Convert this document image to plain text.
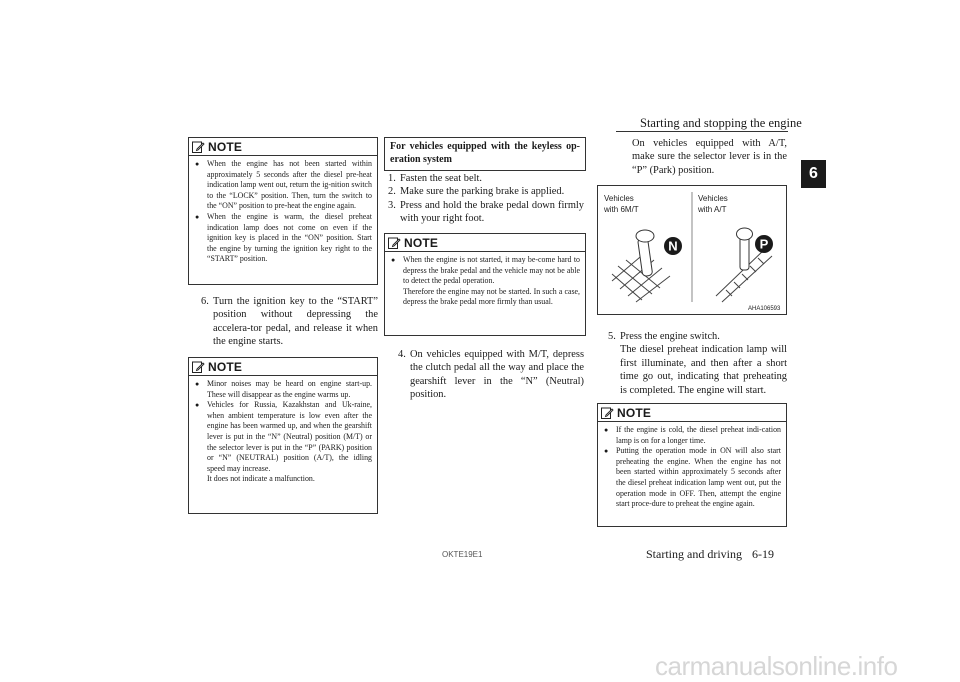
Starting and stopping the engine
6
NOTE
● When the engine has not been started within approximately 5 seconds after the diesel pre-heat indication lamp went out, return the ig-nition switch to the “LOCK” position. Then, turn the switch to the “ON” position to pre-heat the engine again.
● When the engine is warm, the diesel preheat indication lamp does not come on even if the ignition key is placed in the “ON” position. Start the engine by turning the ignition key right to the “START” position.
6. Turn the ignition key to the “START” position without depressing the accelera-tor pedal, and release it when the engine starts.
NOTE
● Minor noises may be heard on engine start-up. These will disappear as the engine warms up.
● Vehicles for Russia, Kazakhstan and Uk-raine, when ambient temperature is low even after the engine has been warmed up, and when the gearshift lever is put in the “N” (Neutral) position (M/T) or the selector lever is put in the “P” (PARK) position or “N” (NEUTRAL) position (A/T), the idling speed may increase.
It does not indicate a malfunction.
For vehicles equipped with the keyless op-eration system
1. Fasten the seat belt.
2. Make sure the parking brake is applied.
3. Press and hold the brake pedal down firmly with your right foot.
NOTE
● When the engine is not started, it may be-come hard to depress the brake pedal and the vehicle may not be able to detect the pedal operation.
Therefore the engine may not be started. In such a case, depress the brake pedal more firmly than usual.
4. On vehicles equipped with M/T, depress the clutch pedal all the way and place the gearshift lever in the “N” (Neutral) position.
On vehicles equipped with A/T, make sure the selector lever is in the “P” (Park) position.
Vehicles
with 6M/T
Vehicles
with A/T
N	P
AHA106593
5. Press the engine switch.
The diesel preheat indication lamp will first illuminate, and then after a short time go out, indicating that preheating is completed. The engine will start.
NOTE
● If the engine is cold, the diesel preheat indi-cation lamp is on for a longer time.
● Putting the operation mode in ON will also start preheating the engine. When the engine has not been started within approximately 5 seconds after the diesel preheat indication lamp went out, put the operation mode in OFF. Then, attempt the engine start proce-dure to preheat the engine again.
OKTE19E1	Starting and driving 6-19
carmanualsonline.info
